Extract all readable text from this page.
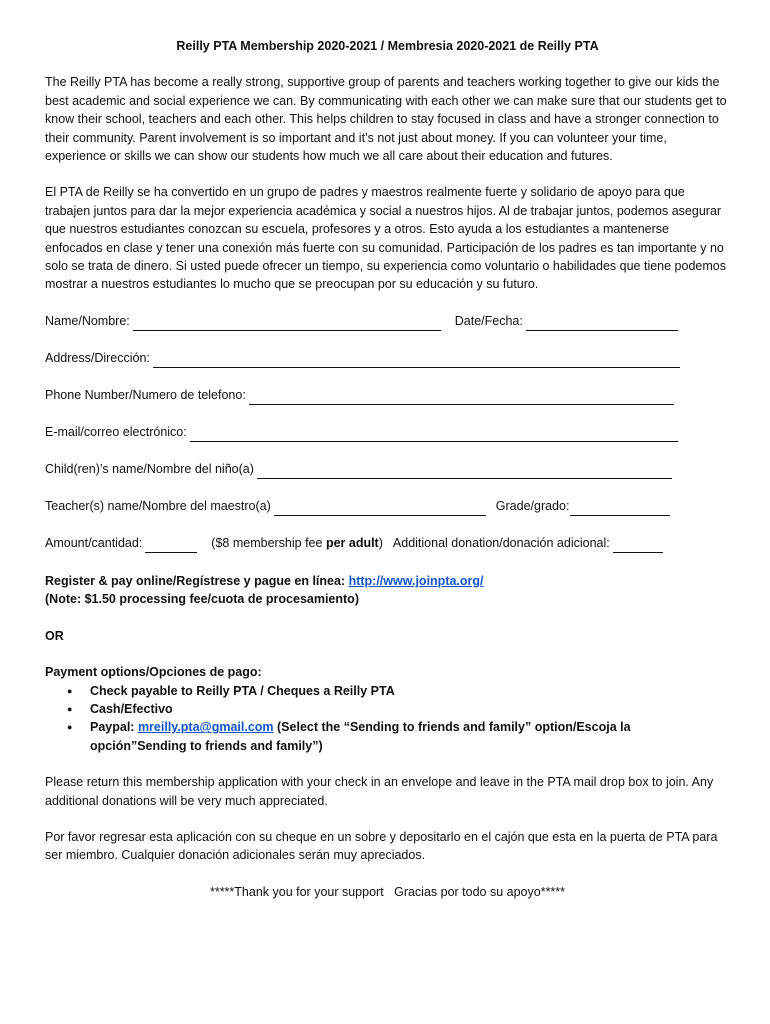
Reilly PTA Membership 2020-2021 / Membresia 2020-2021 de Reilly PTA

The Reilly PTA has become a really strong, supportive group of parents and teachers working together to give our kids the best academic and social experience we can. By communicating with each other we can make sure that our students get to know their school, teachers and each other. This helps children to stay focused in class and have a stronger connection to their community. Parent involvement is so important and it’s not just about money. If you can volunteer your time, experience or skills we can show our students how much we all care about their education and futures.

El PTA de Reilly se ha convertido en un grupo de padres y maestros realmente fuerte y solidario de apoyo para que trabajen juntos para dar la mejor experiencia académica y social a nuestros hijos. Al de trabajar juntos, podemos asegurar que nuestros estudiantes conozcan su escuela, profesores y a otros. Esto ayuda a los estudiantes a mantenerse enfocados en clase y tener una conexión más fuerte con su comunidad. Participación de los padres es tan importante y no solo se trata de dinero. Si usted puede ofrecer un tiempo, su experiencia como voluntario o habilidades que tiene podemos mostrar a nuestros estudiantes lo mucho que se preocupan por su educación y su futuro.

Name/Nombre:	Date/Fecha:
Address/Dirección:
Phone Number/Numero de telefono:
E-mail/correo electrónico:
Child(ren)’s name/Nombre del niño(a)
Teacher(s) name/Nombre del maestro(a)	Grade/grado:
Amount/cantidad:	($8 membership fee per adult) Additional donation/donación adicional:

Register & pay online/Regístrese y pague en línea: http://www.joinpta.org/

(Note: $1.50 processing fee/cuota de procesamiento)

OR

Payment options/Opciones de pago:

● Check payable to Reilly PTA / Cheques a Reilly PTA
● Cash/Efectivo
● Paypal: mreilly.pta@gmail.com (Select the “Sending to friends and family” option/Escoja la opción”Sending to friends and family”)

Please return this membership application with your check in an envelope and leave in the PTA mail drop box to join. Any additional donations will be very much appreciated.

Por favor regresar esta aplicación con su cheque en un sobre y depositarlo en el cajón que esta en la puerta de PTA para ser miembro. Cualquier donación adicionales serán muy apreciados.

*****Thank you for your support   Gracias por todo su apoyo*****
